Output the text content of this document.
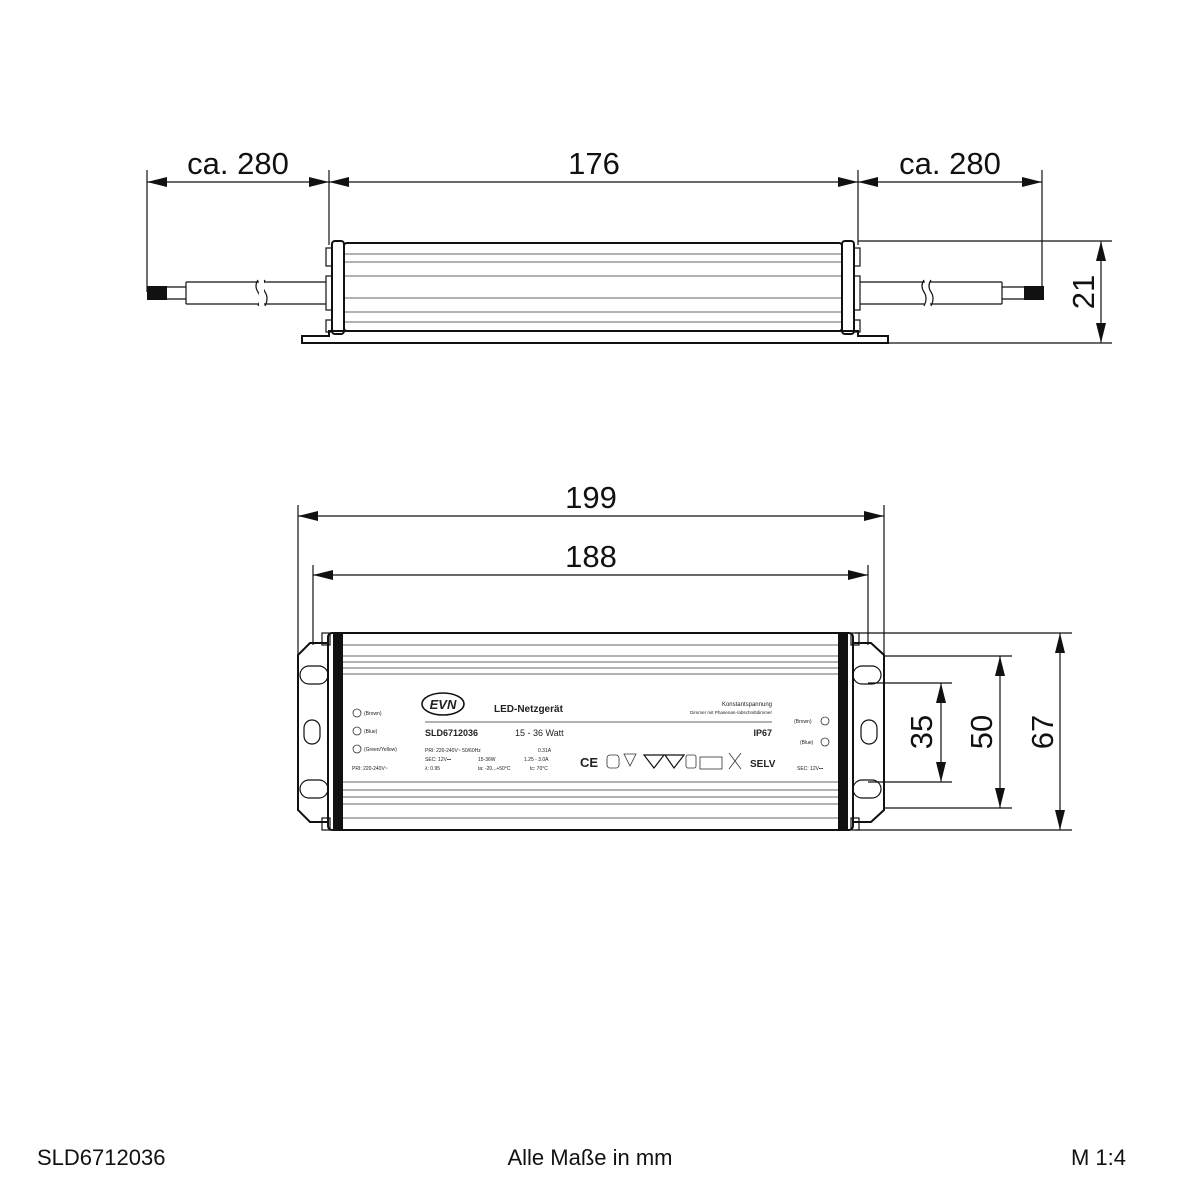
ca. 280	176	ca. 280
21
199
188
35 50 67
EVN	LED-Netzgerät	Konstantspannung
Dimmer mit Phasenan-/abschnittdimmer
SLD6712036	15 - 36 Watt	IP67
(Brown)
(Blue)
(Green/Yellow)
PRI: 220-240V~
PRI: 220-240V~ 50/60Hz	0.31A
SEC: 12V⎓	15-36W	1.25 - 3.0A
λ: 0.95	ta: -20...+50°C	tc: 70°C CE	SELV
(Brown)
(Blue)
SEC: 12V⎓
SLD6712036	Alle Maße in mm	M 1:4
